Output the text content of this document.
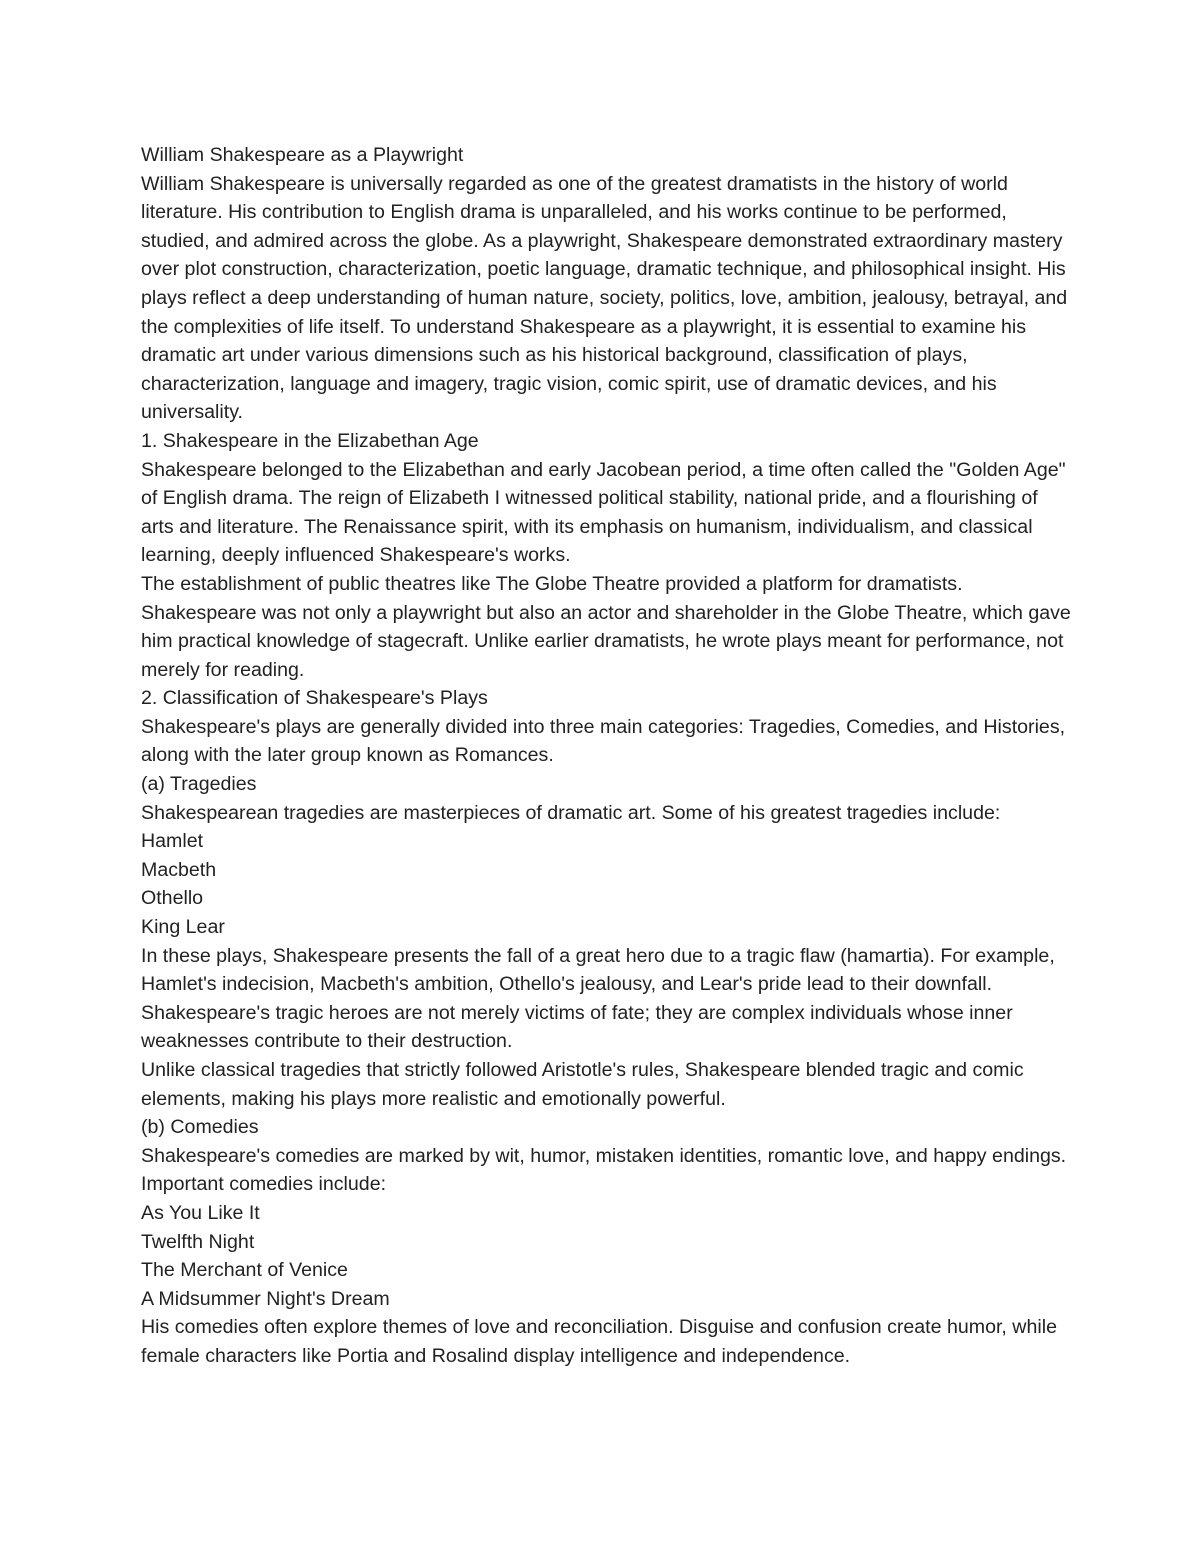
William Shakespeare as a Playwright

William Shakespeare is universally regarded as one of the greatest dramatists in the history of world literature. His contribution to English drama is unparalleled, and his works continue to be performed, studied, and admired across the globe. As a playwright, Shakespeare demonstrated extraordinary mastery over plot construction, characterization, poetic language, dramatic technique, and philosophical insight. His plays reflect a deep understanding of human nature, society, politics, love, ambition, jealousy, betrayal, and the complexities of life itself. To understand Shakespeare as a playwright, it is essential to examine his dramatic art under various dimensions such as his historical background, classification of plays, characterization, language and imagery, tragic vision, comic spirit, use of dramatic devices, and his universality.

1. Shakespeare in the Elizabethan Age

Shakespeare belonged to the Elizabethan and early Jacobean period, a time often called the "Golden Age" of English drama. The reign of Elizabeth I witnessed political stability, national pride, and a flourishing of arts and literature. The Renaissance spirit, with its emphasis on humanism, individualism, and classical learning, deeply influenced Shakespeare's works.

The establishment of public theatres like The Globe Theatre provided a platform for dramatists. Shakespeare was not only a playwright but also an actor and shareholder in the Globe Theatre, which gave him practical knowledge of stagecraft. Unlike earlier dramatists, he wrote plays meant for performance, not merely for reading.

2. Classification of Shakespeare's Plays

Shakespeare's plays are generally divided into three main categories: Tragedies, Comedies, and Histories, along with the later group known as Romances.

(a) Tragedies

Shakespearean tragedies are masterpieces of dramatic art. Some of his greatest tragedies include:

Hamlet

Macbeth

Othello

King Lear

In these plays, Shakespeare presents the fall of a great hero due to a tragic flaw (hamartia). For example, Hamlet's indecision, Macbeth's ambition, Othello's jealousy, and Lear's pride lead to their downfall. Shakespeare's tragic heroes are not merely victims of fate; they are complex individuals whose inner weaknesses contribute to their destruction.

Unlike classical tragedies that strictly followed Aristotle's rules, Shakespeare blended tragic and comic elements, making his plays more realistic and emotionally powerful.

(b) Comedies

Shakespeare's comedies are marked by wit, humor, mistaken identities, romantic love, and happy endings. Important comedies include:

As You Like It

Twelfth Night

The Merchant of Venice

A Midsummer Night's Dream

His comedies often explore themes of love and reconciliation. Disguise and confusion create humor, while female characters like Portia and Rosalind display intelligence and independence.
